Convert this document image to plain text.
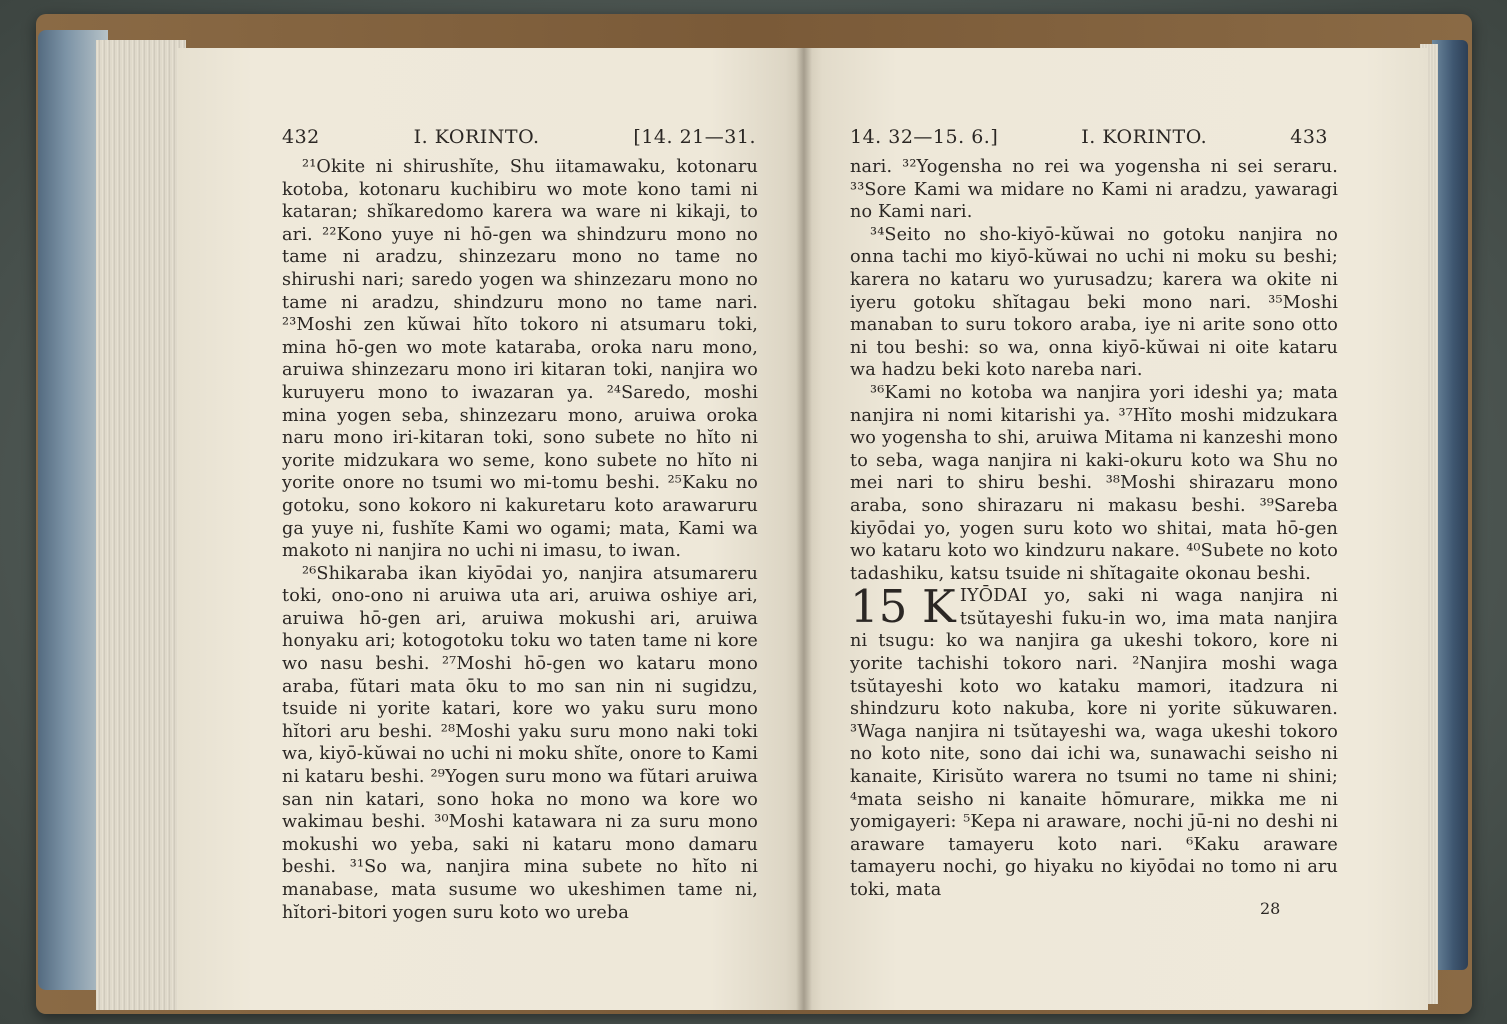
432	I. KORINTO.	[14. 21—31.

²¹Okite ni shirushĭte, Shu iitamawaku, kotonaru kotoba, kotonaru kuchibiru wo mote kono tami ni kataran; shĭkaredomo karera wa ware ni kikaji, to ari. ²²Kono yuye ni hō-gen wa shindzuru mono no tame ni aradzu, shinzezaru mono no tame no shirushi nari; saredo yogen wa shinzezaru mono no tame ni aradzu, shindzuru mono no tame nari. ²³Moshi zen kŭwai hĭto tokoro ni atsumaru toki, mina hō-gen wo mote kataraba, oroka naru mono, aruiwa shinzezaru mono iri kitaran toki, nanjira wo kuruyeru mono to iwazaran ya. ²⁴Saredo, moshi mina yogen seba, shinzezaru mono, aruiwa oroka naru mono iri-kitaran toki, sono subete no hĭto ni yorite midzukara wo seme, kono subete no hĭto ni yorite onore no tsumi wo mi-tomu beshi. ²⁵Kaku no gotoku, sono kokoro ni kakuretaru koto arawaruru ga yuye ni, fushĭte Kami wo ogami; mata, Kami wa makoto ni nanjira no uchi ni imasu, to iwan.

²⁶Shikaraba ikan kiyōdai yo, nanjira atsumareru toki, ono-ono ni aruiwa uta ari, aruiwa oshiye ari, aruiwa hō-gen ari, aruiwa mokushi ari, aruiwa honyaku ari; kotogotoku toku wo taten tame ni kore wo nasu beshi. ²⁷Moshi hō-gen wo kataru mono araba, fŭtari mata ōku to mo san nin ni sugidzu, tsuide ni yorite katari, kore wo yaku suru mono hĭtori aru beshi. ²⁸Moshi yaku suru mono naki toki wa, kiyō-kŭwai no uchi ni moku shĭte, onore to Kami ni kataru beshi. ²⁹Yogen suru mono wa fŭtari aruiwa san nin katari, sono hoka no mono wa kore wo wakimau beshi. ³⁰Moshi katawara ni za suru mono mokushi wo yeba, saki ni kataru mono damaru beshi. ³¹So wa, nanjira mina subete no hĭto ni manabase, mata susume wo ukeshimen tame ni, hĭtori-bitori yogen suru koto wo ureba

14. 32—15. 6.]	I. KORINTO.	433

nari. ³²Yogensha no rei wa yogensha ni sei seraru. ³³Sore Kami wa midare no Kami ni aradzu, yawaragi no Kami nari.

³⁴Seito no sho-kiyō-kŭwai no gotoku nanjira no onna tachi mo kiyō-kŭwai no uchi ni moku su beshi; karera no kataru wo yurusadzu; karera wa okite ni iyeru gotoku shĭtagau beki mono nari. ³⁵Moshi manaban to suru tokoro araba, iye ni arite sono otto ni tou beshi: so wa, onna kiyō-kŭwai ni oite kataru wa hadzu beki koto nareba nari.

³⁶Kami no kotoba wa nanjira yori ideshi ya; mata nanjira ni nomi kitarishi ya. ³⁷Hĭto moshi midzukara wo yogensha to shi, aruiwa Mitama ni kanzeshi mono to seba, waga nanjira ni kaki-okuru koto wa Shu no mei nari to shiru beshi. ³⁸Moshi shirazaru mono araba, sono shirazaru ni makasu beshi. ³⁹Sareba kiyōdai yo, yogen suru koto wo shitai, mata hō-gen wo kataru koto wo kindzuru nakare. ⁴⁰Subete no koto tadashiku, katsu tsuide ni shĭtagaite okonau beshi.

15 K IYŌDAI yo, saki ni waga nanjira ni tsŭtayeshi fuku-in wo, ima mata nanjira ni tsugu: ko wa nanjira ga ukeshi tokoro, kore ni yorite tachishi tokoro nari. ²Nanjira moshi waga tsŭtayeshi koto wo kataku mamori, itadzura ni shindzuru koto nakuba, kore ni yorite sŭkuwaren. ³Waga nanjira ni tsŭtayeshi wa, waga ukeshi tokoro no koto nite, sono dai ichi wa, sunawachi seisho ni kanaite, Kirisŭto warera no tsumi no tame ni shini; ⁴mata seisho ni kanaite hōmurare, mikka me ni yomigayeri: ⁵Kepa ni araware, nochi jū-ni no deshi ni araware tamayeru koto nari. ⁶Kaku araware tamayeru nochi, go hiyaku no kiyōdai no tomo ni aru toki, mata
28
